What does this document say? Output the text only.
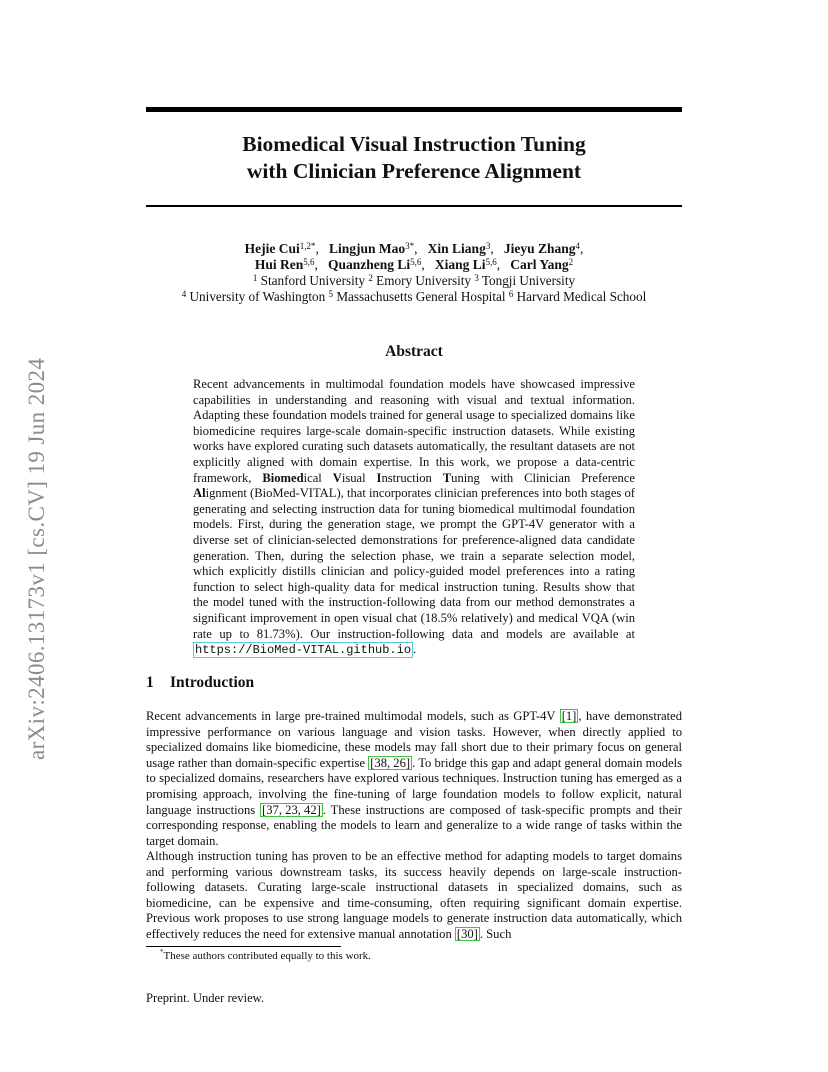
arXiv:2406.13173v1 [cs.CV] 19 Jun 2024
Biomedical Visual Instruction Tuning
with Clinician Preference Alignment
Hejie Cui$^{1,2*}$,   Lingjun Mao$^{3*}$,   Xin Liang$^3$,   Jieyu Zhang$^4$,
Hui Ren$^{5,6}$,   Quanzheng Li$^{5,6}$,   Xiang Li$^{5,6}$,   Carl Yang$^2$
$^1$ Stanford University $^2$ Emory University $^3$ Tongji University
$^4$ University of Washington $^5$ Massachusetts General Hospital $^6$ Harvard Medical School
Abstract
Recent advancements in multimodal foundation models have showcased impressive capabilities in understanding and reasoning with visual and textual information. Adapting these foundation models trained for general usage to specialized domains like biomedicine requires large-scale domain-specific instruction datasets. While existing works have explored curating such datasets automatically, the resultant datasets are not explicitly aligned with domain expertise. In this work, we propose a data-centric framework, Biomedical Visual Instruction Tuning with Clinician Preference Alignment (BioMed-VITAL), that incorporates clinician preferences into both stages of generating and selecting instruction data for tuning biomedical multimodal foundation models. First, during the generation stage, we prompt the GPT-4V generator with a diverse set of clinician-selected demonstrations for preference-aligned data candidate generation. Then, during the selection phase, we train a separate selection model, which explicitly distills clinician and policy-guided model preferences into a rating function to select high-quality data for medical instruction tuning. Results show that the model tuned with the instruction-following data from our method demonstrates a significant improvement in open visual chat (18.5% relatively) and medical VQA (win rate up to 81.73%). Our instruction-following data and models are available at https://BioMed-VITAL.github.io .
1 Introduction
Recent advancements in large pre-trained multimodal models, such as GPT-4V [1] , have demonstrated impressive performance on various language and vision tasks. However, when directly applied to specialized domains like biomedicine, these models may fall short due to their primary focus on general usage rather than domain-specific expertise [38, 26] . To bridge this gap and adapt general domain models to specialized domains, researchers have explored various techniques. Instruction tuning has emerged as a promising approach, involving the fine-tuning of large foundation models to follow explicit, natural language instructions [37, 23, 42] . These instructions are composed of task-specific prompts and their corresponding response, enabling the models to learn and generalize to a wide range of tasks within the target domain.
Although instruction tuning has proven to be an effective method for adapting models to target domains and performing various downstream tasks, its success heavily depends on large-scale instruction-following datasets. Curating large-scale instructional datasets in specialized domains, such as biomedicine, can be expensive and time-consuming, often requiring significant domain expertise. Previous work proposes to use strong language models to generate instruction data automatically, which effectively reduces the need for extensive manual annotation [30] . Such
*These authors contributed equally to this work.
Preprint. Under review.
